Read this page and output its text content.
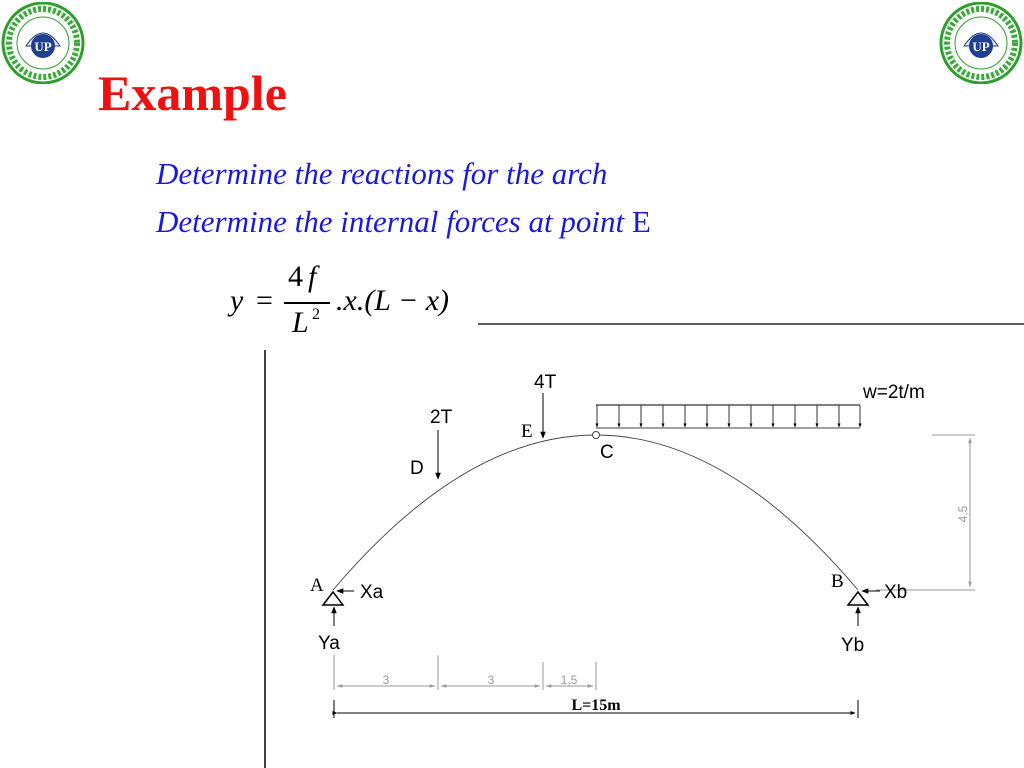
UP	UP
Example
Determine the reactions for the arch
Determine the internal forces at point E
y =
4 f
L 2 .x.(L − x)
4,5
3	3	1,5
L=15m
2T
4T	w=2t/m
D
E
C
A	B
Xa
Ya
Xb
Yb
